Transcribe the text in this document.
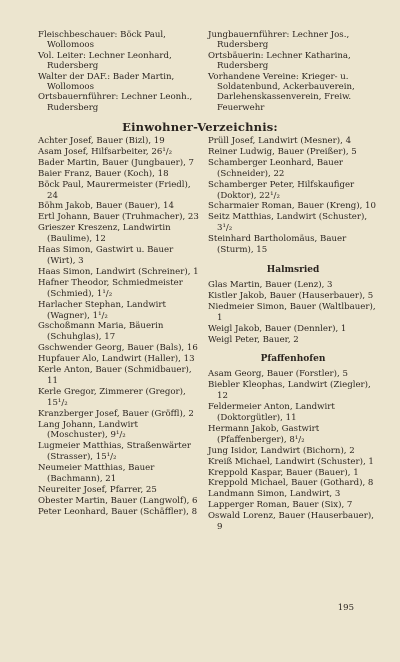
Fleischbeschauer: Böck Paul, Wollomoos

Vol. Leiter: Lechner Leonhard, Rudersberg

Walter der DAF.: Bader Martin, Wollomoos

Ortsbauernführer: Lechner Leonh., Rudersberg

Jungbauernführer: Lechner Jos., Rudersberg

Ortsbäuerin: Lechner Katharina, Rudersberg

Vorhandene Vereine: Krieger- u. Soldatenbund, Ackerbauverein, Darlehenskassenverein, Freiw. Feuerwehr

Einwohner-Verzeichnis:

Achter Josef, Bauer (Bizl), 19

Asam Josef, Hilfsarbeiter, 26¹/₂

Bader Martin, Bauer (Jungbauer), 7

Baier Franz, Bauer (Koch), 18

Böck Paul, Maurermeister (Friedl), 24

Böhm Jakob, Bauer (Bauer), 14

Ertl Johann, Bauer (Truhmacher), 23

Grieszer Kreszenz, Landwirtin (Baulime), 12

Haas Simon, Gastwirt u. Bauer (Wirt), 3

Haas Simon, Landwirt (Schreiner), 1

Hafner Theodor, Schmiedmeister (Schmied), 1¹/₂

Harlacher Stephan, Landwirt (Wagner), 1¹/₂

Gschoßmann Maria, Bäuerin (Schuhglas), 17

Gschwender Georg, Bauer (Bals), 16

Hupfauer Alo, Landwirt (Haller), 13

Kerle Anton, Bauer (Schmidbauer), 11

Kerle Gregor, Zimmerer (Gregor), 15¹/₂

Kranzberger Josef, Bauer (Gröffl), 2

Lang Johann, Landwirt (Moschuster), 9¹/₂

Lugmeier Matthias, Straßenwärter (Strasser), 15¹/₂

Neumeier Matthias, Bauer (Bachmann), 21

Neureiter Josef, Pfarrer, 25

Obester Martin, Bauer (Langwolf), 6

Peter Leonhard, Bauer (Schäffler), 8

Prüll Josef, Landwirt (Mesner), 4

Reiner Ludwig, Bauer (Preißer), 5

Schamberger Leonhard, Bauer (Schneider), 22

Schamberger Peter, Hilfskaufiger (Doktor), 22¹/₂

Scharmaier Roman, Bauer (Kreng), 10

Seitz Matthias, Landwirt (Schuster), 3¹/₂

Steinhard Bartholomäus, Bauer (Sturm), 15

Halmsried

Glas Martin, Bauer (Lenz), 3

Kistler Jakob, Bauer (Hauserbauer), 5

Niedmeier Simon, Bauer (Waltlbauer), 1

Weigl Jakob, Bauer (Dennler), 1

Weigl Peter, Bauer, 2

Pfaffenhofen

Asam Georg, Bauer (Forstler), 5

Biebler Kleophas, Landwirt (Ziegler), 12

Feldermeier Anton, Landwirt (Doktorgütler), 11

Hermann Jakob, Gastwirt (Pfaffenberger), 8¹/₂

Jung Isidor, Landwirt (Bichorn), 2

Kreiß Michael, Landwirt (Schuster), 1

Kreppold Kaspar, Bauer (Bauer), 1

Kreppold Michael, Bauer (Gothard), 8

Landmann Simon, Landwirt, 3

Lapperger Roman, Bauer (Six), 7

Oswald Lorenz, Bauer (Hauserbauer), 9

195
